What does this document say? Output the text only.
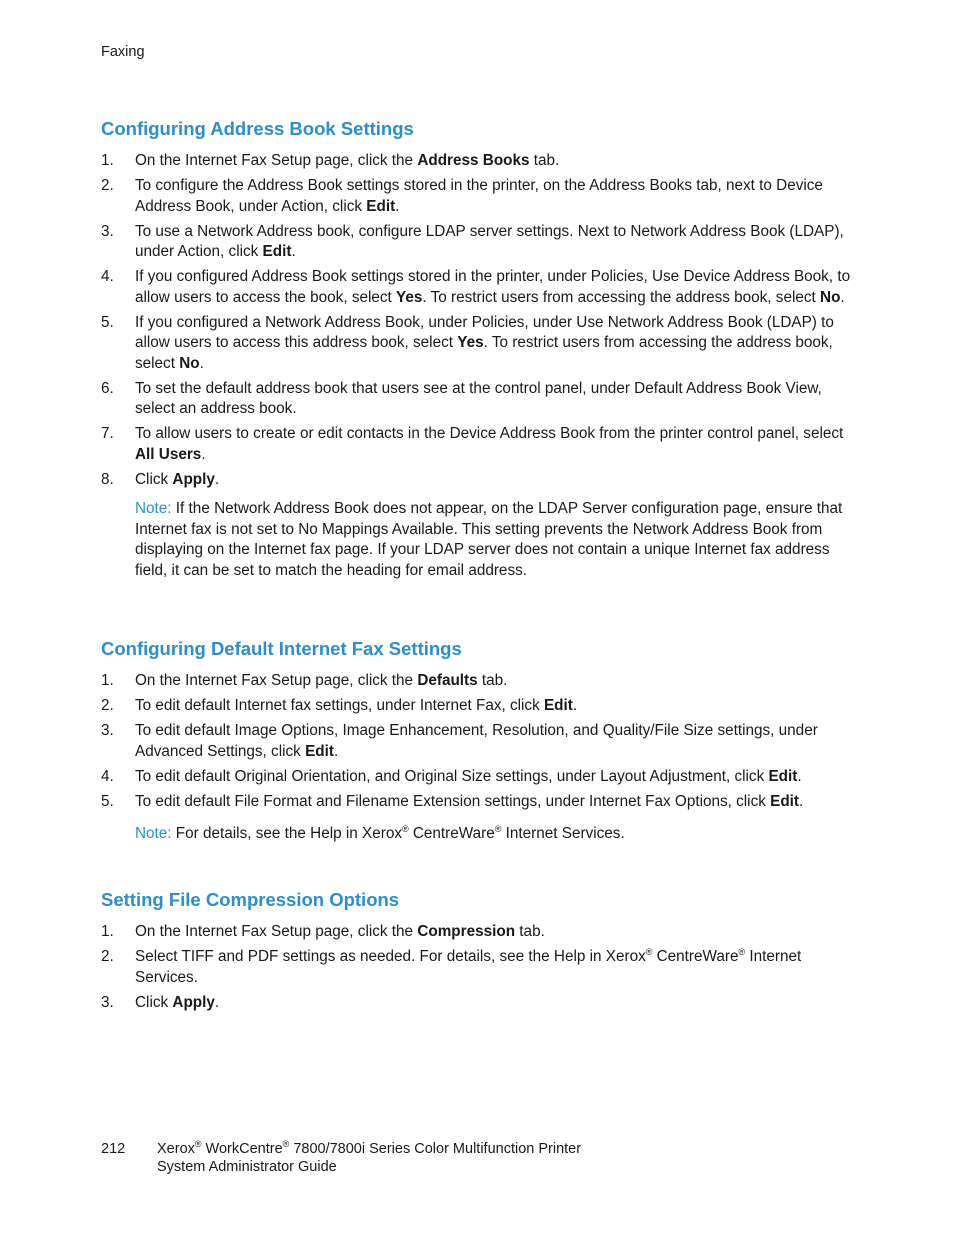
Faxing
Configuring Address Book Settings
1. On the Internet Fax Setup page, click the Address Books tab.
2. To configure the Address Book settings stored in the printer, on the Address Books tab, next to Device Address Book, under Action, click Edit.
3. To use a Network Address book, configure LDAP server settings. Next to Network Address Book (LDAP), under Action, click Edit.
4. If you configured Address Book settings stored in the printer, under Policies, Use Device Address Book, to allow users to access the book, select Yes. To restrict users from accessing the address book, select No.
5. If you configured a Network Address Book, under Policies, under Use Network Address Book (LDAP) to allow users to access this address book, select Yes. To restrict users from accessing the address book, select No.
6. To set the default address book that users see at the control panel, under Default Address Book View, select an address book.
7. To allow users to create or edit contacts in the Device Address Book from the printer control panel, select All Users.
8. Click Apply.
Note: If the Network Address Book does not appear, on the LDAP Server configuration page, ensure that Internet fax is not set to No Mappings Available. This setting prevents the Network Address Book from displaying on the Internet fax page. If your LDAP server does not contain a unique Internet fax address field, it can be set to match the heading for email address.
Configuring Default Internet Fax Settings
1. On the Internet Fax Setup page, click the Defaults tab.
2. To edit default Internet fax settings, under Internet Fax, click Edit.
3. To edit default Image Options, Image Enhancement, Resolution, and Quality/File Size settings, under Advanced Settings, click Edit.
4. To edit default Original Orientation, and Original Size settings, under Layout Adjustment, click Edit.
5. To edit default File Format and Filename Extension settings, under Internet Fax Options, click Edit.
Note: For details, see the Help in Xerox® CentreWare® Internet Services.
Setting File Compression Options
1. On the Internet Fax Setup page, click the Compression tab.
2. Select TIFF and PDF settings as needed. For details, see the Help in Xerox® CentreWare® Internet Services.
3. Click Apply.
212 Xerox® WorkCentre® 7800/7800i Series Color Multifunction Printer
System Administrator Guide
